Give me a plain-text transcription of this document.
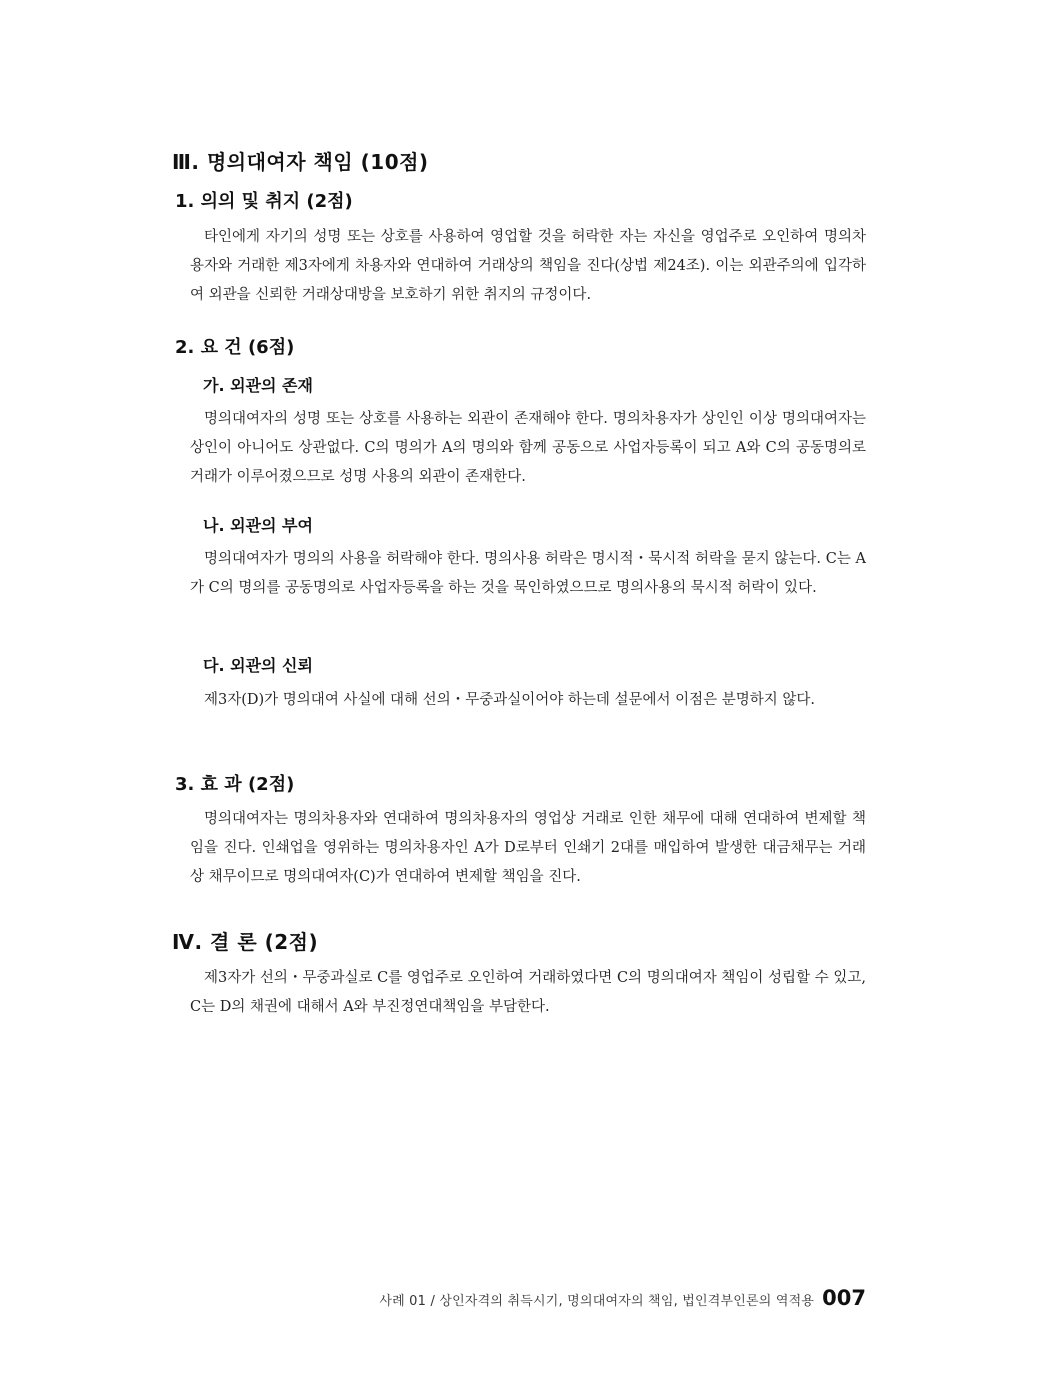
Ⅲ. 명의대여자 책임 (10점)
1. 의의 및 취지 (2점)

타인에게 자기의 성명 또는 상호를 사용하여 영업할 것을 허락한 자는 자신을 영업주로 오인하여 명의차용자와 거래한 제3자에게 차용자와 연대하여 거래상의 책임을 진다(상법 제24조). 이는 외관주의에 입각하여 외관을 신뢰한 거래상대방을 보호하기 위한 취지의 규정이다.

2. 요 건 (6점)
가. 외관의 존재

명의대여자의 성명 또는 상호를 사용하는 외관이 존재해야 한다. 명의차용자가 상인인 이상 명의대여자는 상인이 아니어도 상관없다. C의 명의가 A의 명의와 함께 공동으로 사업자등록이 되고 A와 C의 공동명의로 거래가 이루어졌으므로 성명 사용의 외관이 존재한다.

나. 외관의 부여

명의대여자가 명의의 사용을 허락해야 한다. 명의사용 허락은 명시적・묵시적 허락을 묻지 않는다. C는 A가 C의 명의를 공동명의로 사업자등록을 하는 것을 묵인하였으므로 명의사용의 묵시적 허락이 있다.

다. 외관의 신뢰

제3자(D)가 명의대여 사실에 대해 선의・무중과실이어야 하는데 설문에서 이점은 분명하지 않다.

3. 효 과 (2점)

명의대여자는 명의차용자와 연대하여 명의차용자의 영업상 거래로 인한 채무에 대해 연대하여 변제할 책임을 진다. 인쇄업을 영위하는 명의차용자인 A가 D로부터 인쇄기 2대를 매입하여 발생한 대금채무는 거래상 채무이므로 명의대여자(C)가 연대하여 변제할 책임을 진다.

Ⅳ. 결 론 (2점)

제3자가 선의・무중과실로 C를 영업주로 오인하여 거래하였다면 C의 명의대여자 책임이 성립할 수 있고, C는 D의 채권에 대해서 A와 부진정연대책임을 부담한다.

사례 01 / 상인자격의 취득시기, 명의대여자의 책임, 법인격부인론의 역적용 007
